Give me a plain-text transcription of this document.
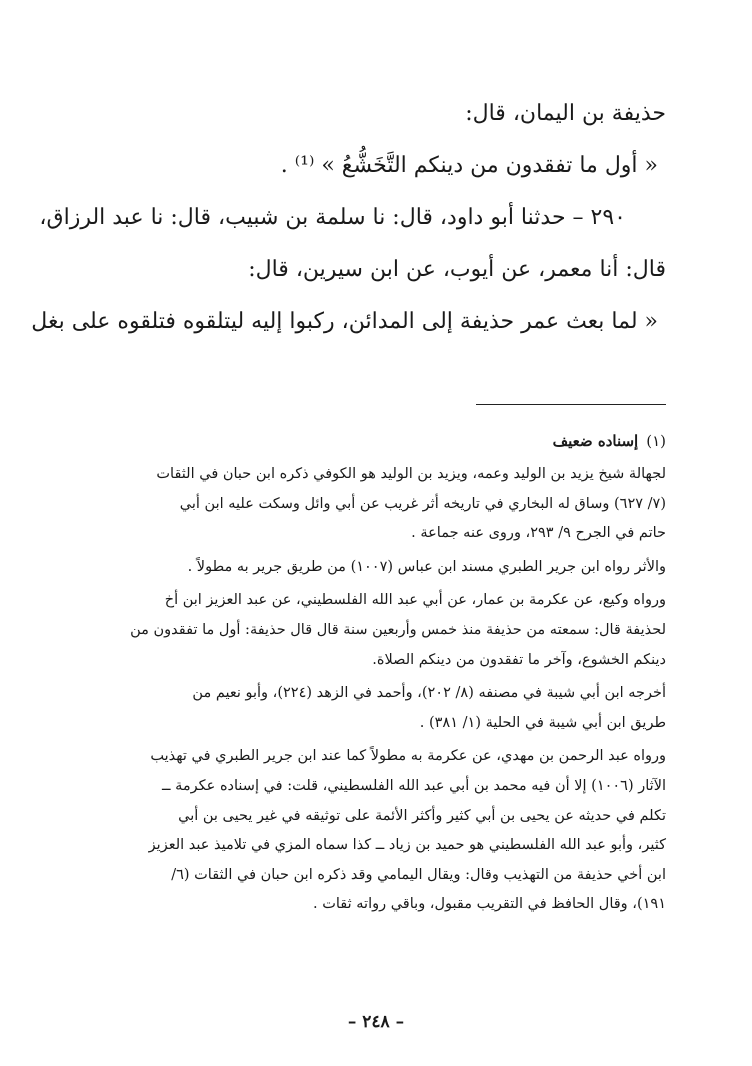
حذيفة بن اليمان، قال:

« أول ما تفقدون من دينكم التَّخَشُّعُ » ⁽¹⁾ .

٢٩٠ – حدثنا أبو داود، قال: نا سلمة بن شبيب، قال: نا عبد الرزاق،

قال: أنا معمر، عن أيوب، عن ابن سيرين، قال:

« لما بعث عمر حذيفة إلى المدائن، ركبوا إليه ليتلقوه فتلقوه على بغل

(١)إسناده ضعيف

لجهالة شيخ يزيد بن الوليد وعمه، ويزيد بن الوليد هو الكوفي ذكره ابن حبان في الثقات

(٧/ ٦٢٧) وساق له البخاري في تاريخه أثر غريب عن أبي وائل وسكت عليه ابن أبي

حاتم في الجرح ٩/ ٢٩٣، وروى عنه جماعة .

والأثر رواه ابن جرير الطبري مسند ابن عباس (١٠٠٧) من طريق جرير به مطولاً .

ورواه وكيع، عن عكرمة بن عمار، عن أبي عبد الله الفلسطيني، عن عبد العزيز ابن أخ

لحذيفة قال: سمعته من حذيفة منذ خمس وأربعين سنة قال قال حذيفة: أول ما تفقدون من

دينكم الخشوع، وآخر ما تفقدون من دينكم الصلاة.

أخرجه ابن أبي شيبة في مصنفه (٨/ ٢٠٢)، وأحمد في الزهد (٢٢٤)، وأبو نعيم من

طريق ابن أبي شيبة في الحلية (١/ ٣٨١) .

ورواه عبد الرحمن بن مهدي، عن عكرمة به مطولاً كما عند ابن جرير الطبري في تهذيب

الآثار (١٠٠٦) إلا أن فيه محمد بن أبي عبد الله الفلسطيني، قلت: في إسناده عكرمة ــ

تكلم في حديثه عن يحيى بن أبي كثير وأكثر الأئمة على توثيقه في غير يحيى بن أبي

كثير، وأبو عبد الله الفلسطيني هو حميد بن زياد ــ كذا سماه المزي في تلاميذ عبد العزيز

ابن أخي حذيفة من التهذيب وقال: ويقال اليمامي وقد ذكره ابن حبان في الثقات (٦/

١٩١)، وقال الحافظ في التقريب مقبول، وباقي رواته ثقات .

– ٢٤٨ –
